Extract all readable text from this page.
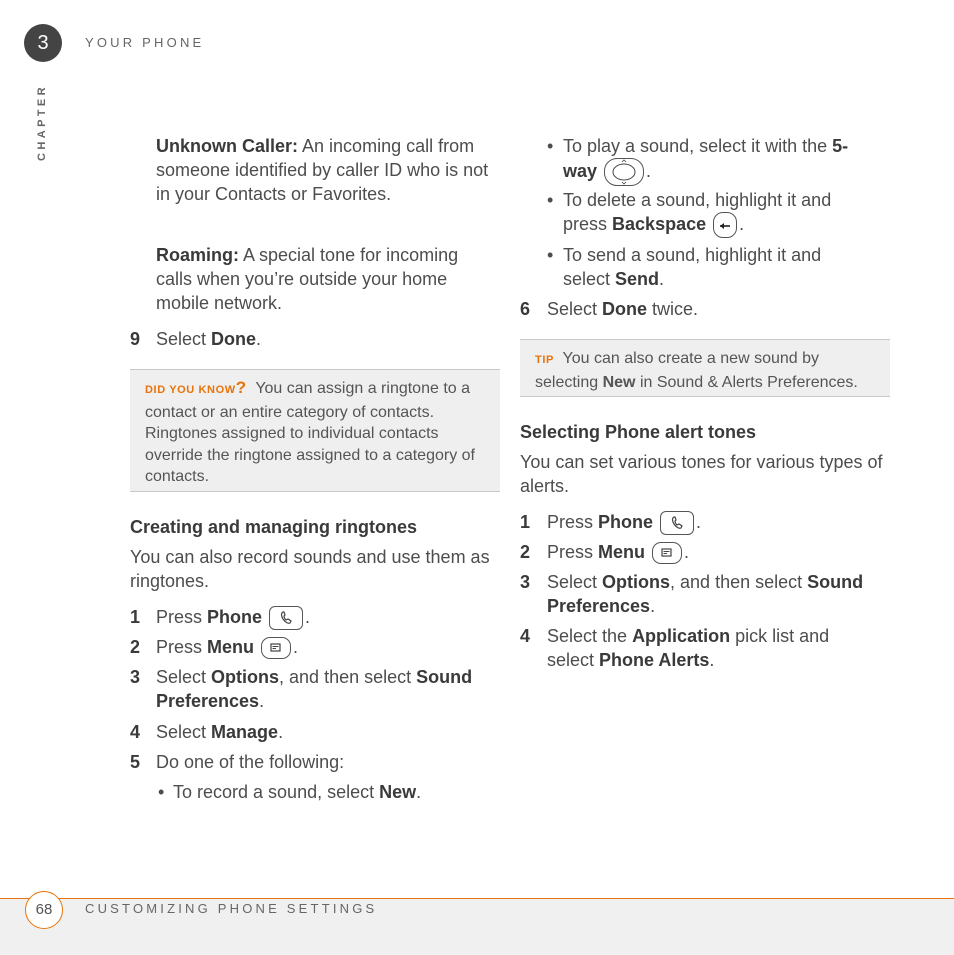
3	YOUR PHONE
CHAPTER	Unknown Caller: An incoming call from someone identified by caller ID who is not in your Contacts or Favorites.
Roaming: A special tone for incoming calls when you’re outside your home mobile network.
9 Select Done.
DID YOU KNOW? You can assign a ringtone to a contact or an entire category of contacts. Ringtones assigned to individual contacts override the ringtone assigned to a category of contacts.
Creating and managing ringtones
You can also record sounds and use them as ringtones.
1 Press Phone .
2 Press Menu .
3 Select Options, and then select Sound Preferences.
4 Select Manage.
5 Do one of the following:
• To record a sound, select New.
• To play a sound, select it with the 5-way	.
• To delete a sound, highlight it and press Backspace .
• To send a sound, highlight it and select Send.
6 Select Done twice.
TIP You can also create a new sound by selecting New in Sound & Alerts Preferences.
Selecting Phone alert tones
You can set various tones for various types of alerts.
1 Press Phone .
2 Press Menu .
3 Select Options, and then select Sound Preferences.
4 Select the Application pick list and select Phone Alerts.
68	CUSTOMIZING PHONE SETTINGS
